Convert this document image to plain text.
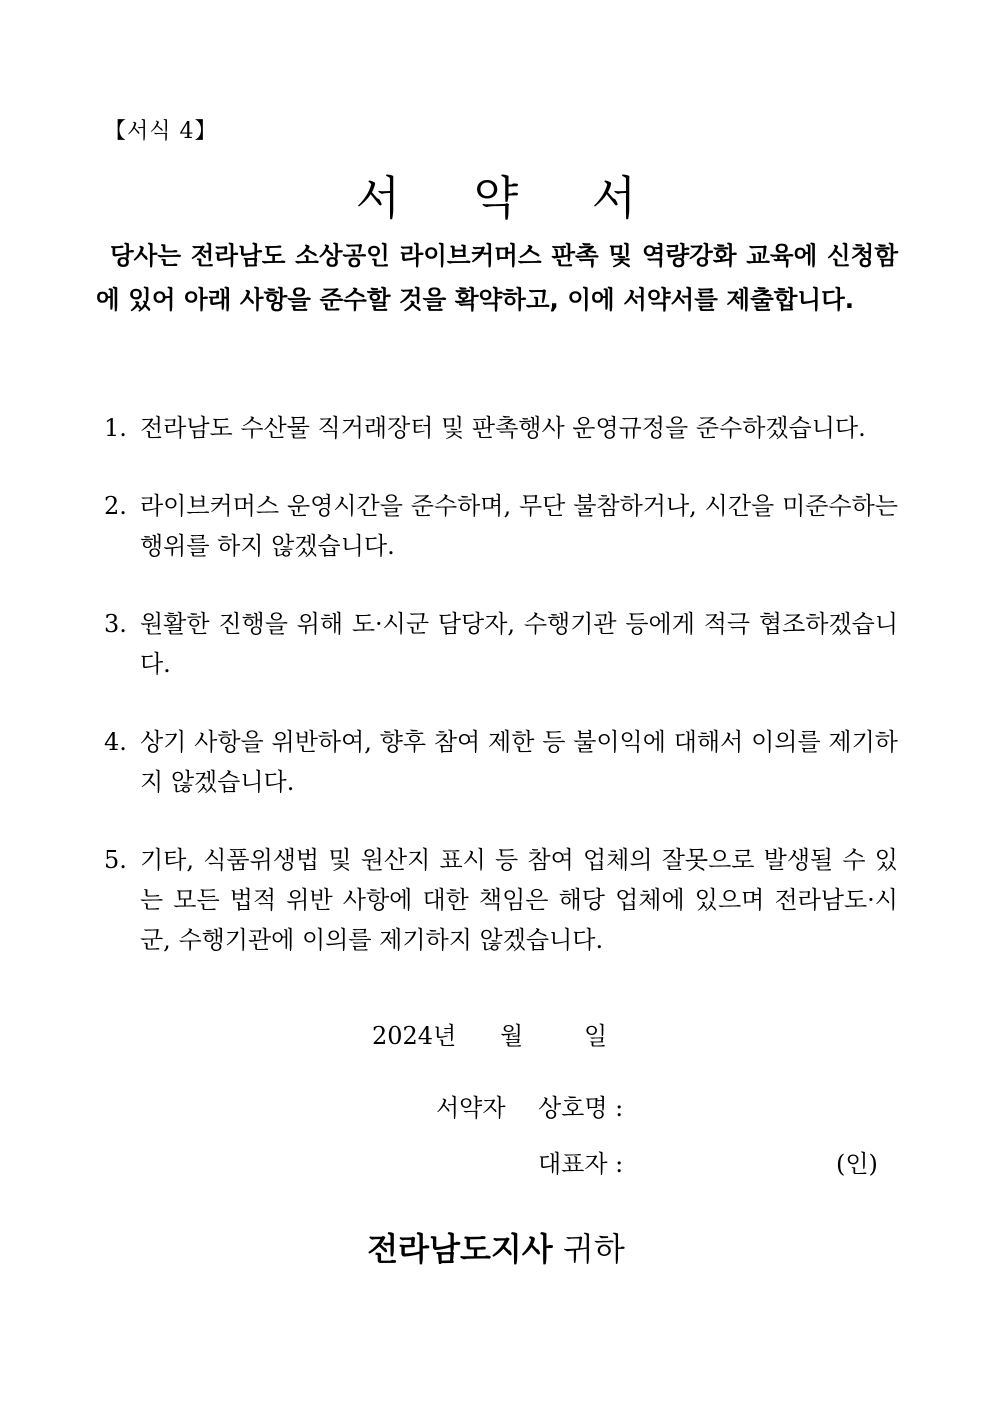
【서식 4】
서	약	서
당사는 전라남도 소상공인 라이브커머스 판촉 및 역량강화 교육에 신청함에 있어 아래 사항을 준수할 것을 확약하고, 이에 서약서를 제출합니다.
1. 전라남도 수산물 직거래장터 및 판촉행사 운영규정을 준수하겠습니다.
2. 라이브커머스 운영시간을 준수하며, 무단 불참하거나, 시간을 미준수하는 행위를 하지 않겠습니다.
3. 원활한 진행을 위해 도·시군 담당자, 수행기관 등에게 적극 협조하겠습니다.
4. 상기 사항을 위반하여, 향후 참여 제한 등 불이익에 대해서 이의를 제기하지 않겠습니다.
5. 기타, 식품위생법 및 원산지 표시 등 참여 업체의 잘못으로 발생될 수 있는 모든 법적 위반 사항에 대한 책임은 해당 업체에 있으며 전라남도·시군, 수행기관에 이의를 제기하지 않겠습니다.
2024년	월	일
서약자 상호명 :
대표자 :	(인)
전라남도지사 귀하
